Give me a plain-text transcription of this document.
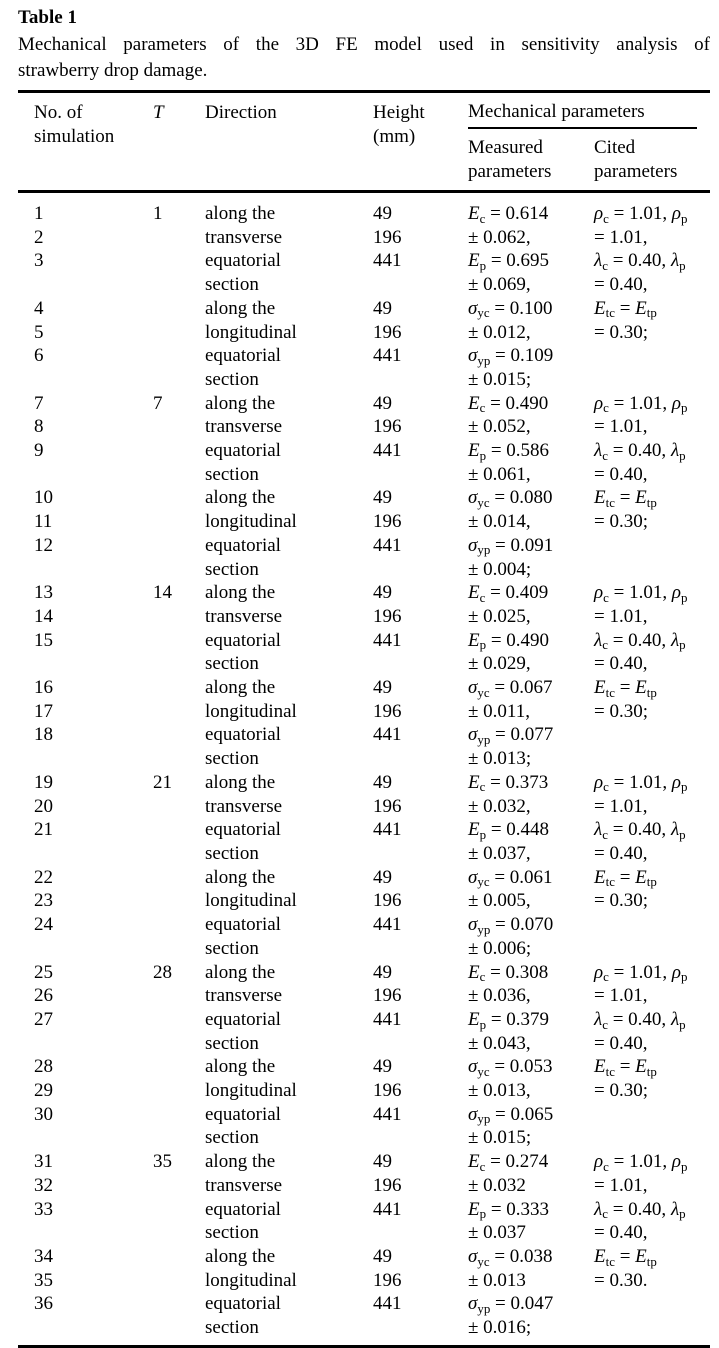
Table 1
Mechanical parameters of the 3D FE model used in sensitivity analysis of
strawberry drop damage.
No. of simulation
T	Direction	Height (mm)
Mechanical parameters
Measured parameters
Cited parameters
1	1	along the	49	$E_c = 0.614$	$\rho_c = 1.01$, $\rho_p$
2	transverse	196	± 0.062,	= 1.01,
3	equatorial	441	$E_p = 0.695$	$\lambda_c = 0.40$, $\lambda_p$
section	± 0.069,	= 0.40,
4	along the	49	$\sigma_{yc} = 0.100$	$E_{tc} = E_{tp}$
5	longitudinal	196	± 0.012,	= 0.30;
6	equatorial	441	$\sigma_{yp} = 0.109$
section	± 0.015;
7	7	along the	49	$E_c = 0.490$	$\rho_c = 1.01$, $\rho_p$
8	transverse	196	± 0.052,	= 1.01,
9	equatorial	441	$E_p = 0.586$	$\lambda_c = 0.40$, $\lambda_p$
section	± 0.061,	= 0.40,
10	along the	49	$\sigma_{yc} = 0.080$	$E_{tc} = E_{tp}$
11	longitudinal	196	± 0.014,	= 0.30;
12	equatorial	441	$\sigma_{yp} = 0.091$
section	± 0.004;
13	14	along the	49	$E_c = 0.409$	$\rho_c = 1.01$, $\rho_p$
14	transverse	196	± 0.025,	= 1.01,
15	equatorial	441	$E_p = 0.490$	$\lambda_c = 0.40$, $\lambda_p$
section	± 0.029,	= 0.40,
16	along the	49	$\sigma_{yc} = 0.067$	$E_{tc} = E_{tp}$
17	longitudinal	196	± 0.011,	= 0.30;
18	equatorial	441	$\sigma_{yp} = 0.077$
section	± 0.013;
19	21	along the	49	$E_c = 0.373$	$\rho_c = 1.01$, $\rho_p$
20	transverse	196	± 0.032,	= 1.01,
21	equatorial	441	$E_p = 0.448$	$\lambda_c = 0.40$, $\lambda_p$
section	± 0.037,	= 0.40,
22	along the	49	$\sigma_{yc} = 0.061$	$E_{tc} = E_{tp}$
23	longitudinal	196	± 0.005,	= 0.30;
24	equatorial	441	$\sigma_{yp} = 0.070$
section	± 0.006;
25	28	along the	49	$E_c = 0.308$	$\rho_c = 1.01$, $\rho_p$
26	transverse	196	± 0.036,	= 1.01,
27	equatorial	441	$E_p = 0.379$	$\lambda_c = 0.40$, $\lambda_p$
section	± 0.043,	= 0.40,
28	along the	49	$\sigma_{yc} = 0.053$	$E_{tc} = E_{tp}$
29	longitudinal	196	± 0.013,	= 0.30;
30	equatorial	441	$\sigma_{yp} = 0.065$
section	± 0.015;
31	35	along the	49	$E_c = 0.274$	$\rho_c = 1.01$, $\rho_p$
32	transverse	196	± 0.032	= 1.01,
33	equatorial	441	$E_p = 0.333$	$\lambda_c = 0.40$, $\lambda_p$
section	± 0.037	= 0.40,
34	along the	49	$\sigma_{yc} = 0.038$	$E_{tc} = E_{tp}$
35	longitudinal	196	± 0.013	= 0.30.
36	equatorial	441	$\sigma_{yp} = 0.047$
section	± 0.016;
